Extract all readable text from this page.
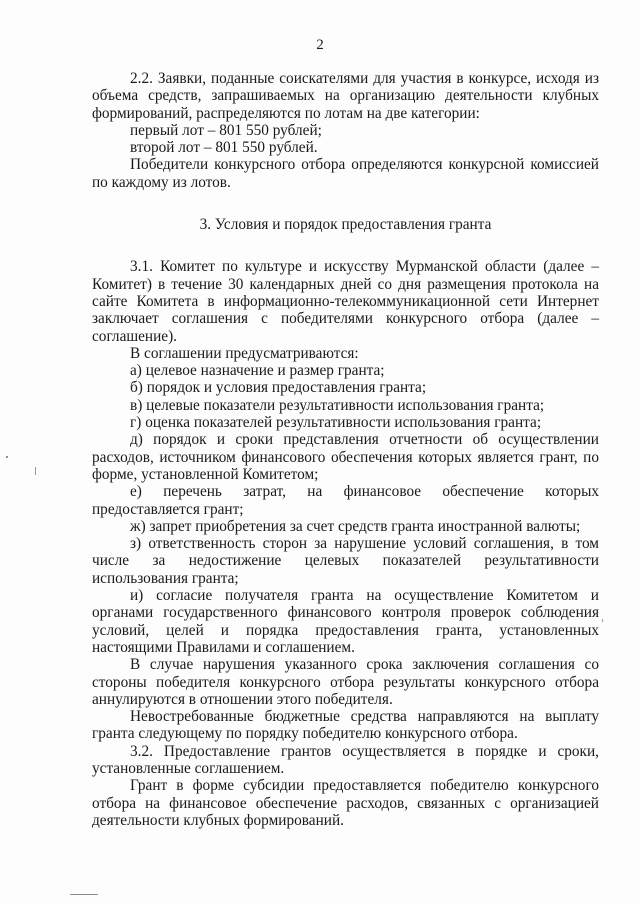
2

2.2. Заявки, поданные соискателями для участия в конкурсе, исходя из объема средств, запрашиваемых на организацию деятельности клубных формирований, распределяются по лотам на две категории:

первый лот – 801 550 рублей;

второй лот – 801 550 рублей.

Победители конкурсного отбора определяются конкурсной комиссией по каждому из лотов.

3. Условия и порядок предоставления гранта

3.1. Комитет по культуре и искусству Мурманской области (далее – Комитет) в течение 30 календарных дней со дня размещения протокола на сайте Комитета в информационно-телекоммуникационной сети Интернет заключает соглашения с победителями конкурсного отбора (далее – соглашение).

В соглашении предусматриваются:

а) целевое назначение и размер гранта;

б) порядок и условия предоставления гранта;

в) целевые показатели результативности использования гранта;

г) оценка показателей результативности использования гранта;

д) порядок и сроки представления отчетности об осуществлении расходов, источником финансового обеспечения которых является грант, по форме, установленной Комитетом;

е) перечень затрат, на финансовое обеспечение которых предоставляется грант;

ж) запрет приобретения за счет средств гранта иностранной валюты;

з) ответственность сторон за нарушение условий соглашения, в том числе за недостижение целевых показателей результативности использования гранта;

и) согласие получателя гранта на осуществление Комитетом и органами государственного финансового контроля проверок соблюдения условий, целей и порядка предоставления гранта, установленных настоящими Правилами и соглашением.

В случае нарушения указанного срока заключения соглашения со стороны победителя конкурсного отбора результаты конкурсного отбора аннулируются в отношении этого победителя.

Невостребованные бюджетные средства направляются на выплату гранта следующему по порядку победителю конкурсного отбора.

3.2. Предоставление грантов осуществляется в порядке и сроки, установленные соглашением.

Грант в форме субсидии предоставляется победителю конкурсного отбора на финансовое обеспечение расходов, связанных с организацией деятельности клубных формирований.
